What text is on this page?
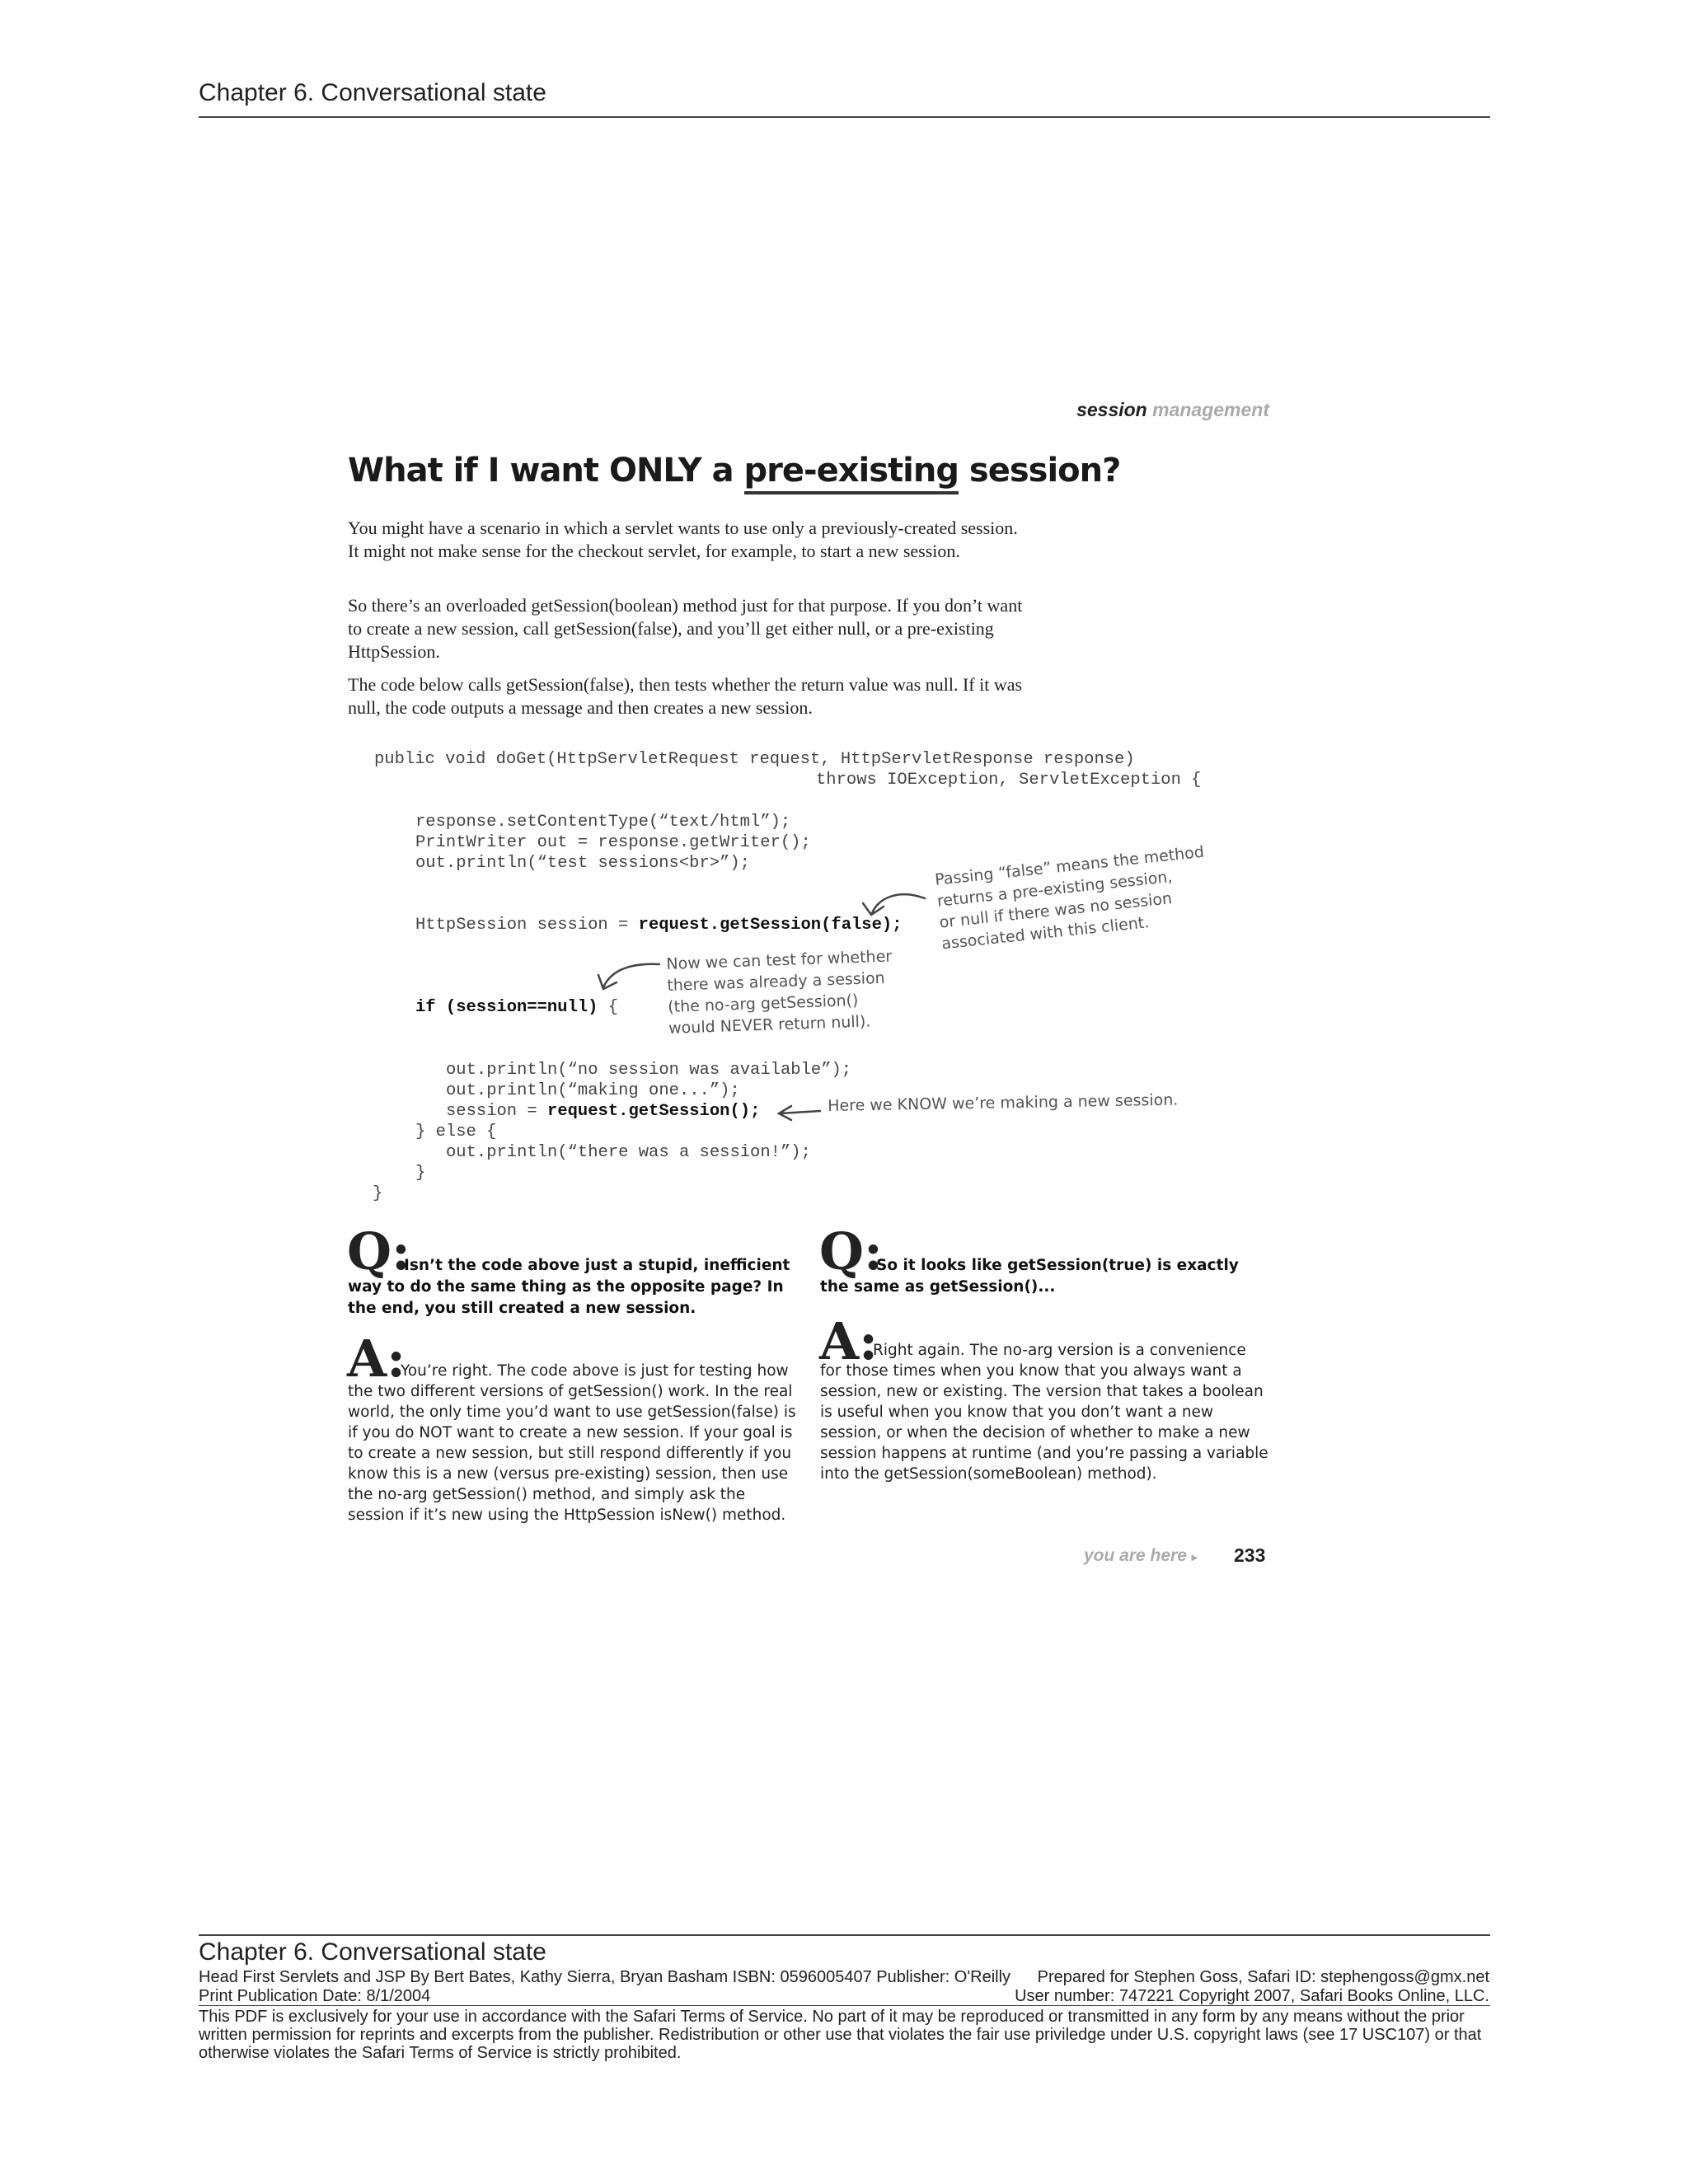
Chapter 6. Conversational state
session management
What if I want ONLY a pre-existing session?
You might have a scenario in which a servlet wants to use only a previously-created session. It might not make sense for the checkout servlet, for example, to start a new session.
So there’s an overloaded getSession(boolean) method just for that purpose. If you don’t want to create a new session, call getSession(false), and you’ll get either null, or a pre-existing HttpSession.
The code below calls getSession(false), then tests whether the return value was null. If it was null, the code outputs a message and then creates a new session.
public void doGet(HttpServletRequest request, HttpServletResponse response)
throws IOException, ServletException {
response.setContentType(“text/html”);
PrintWriter out = response.getWriter();
out.println(“test sessions<br>”);
HttpSession session = request.getSession(false);
if (session==null) {
out.println(“no session was available”);
out.println(“making one...”);
session = request.getSession();
} else {
out.println(“there was a session!”);
}
}
Passing “false” means the method
returns a pre-existing session,
or null if there was no session
associated with this client.
Now we can test for whether
there was already a session
(the no-arg getSession()
would NEVER return null).
Here we KNOW we’re making a new session.
Q:
Isn’t the code above just a stupid, inefficient way to do the same thing as the opposite page? In the end, you still created a new session.
A:
You’re right. The code above is just for testing how the two different versions of getSession() work. In the real world, the only time you’d want to use getSession(false) is if you do NOT want to create a new session. If your goal is to create a new session, but still respond differently if you know this is a new (versus pre-existing) session, then use the no-arg getSession() method, and simply ask the session if it’s new using the HttpSession isNew() method.
Q:
So it looks like getSession(true) is exactly the same as getSession()...
A:
Right again. The no-arg version is a convenience for those times when you know that you always want a session, new or existing. The version that takes a boolean is useful when you know that you don’t want a new session, or when the decision of whether to make a new session happens at runtime (and you’re passing a variable into the getSession(someBoolean) method).
you are here ▸ 233
Chapter 6. Conversational state
Head First Servlets and JSP By Bert Bates, Kathy Sierra, Bryan Basham ISBN: 0596005407 Publisher: O'Reilly Prepared for Stephen Goss, Safari ID: stephengoss@gmx.net
Print Publication Date: 8/1/2004	User number: 747221 Copyright 2007, Safari Books Online, LLC.
This PDF is exclusively for your use in accordance with the Safari Terms of Service. No part of it may be reproduced or transmitted in any form by any means without the prior written permission for reprints and excerpts from the publisher. Redistribution or other use that violates the fair use priviledge under U.S. copyright laws (see 17 USC107) or that otherwise violates the Safari Terms of Service is strictly prohibited.
